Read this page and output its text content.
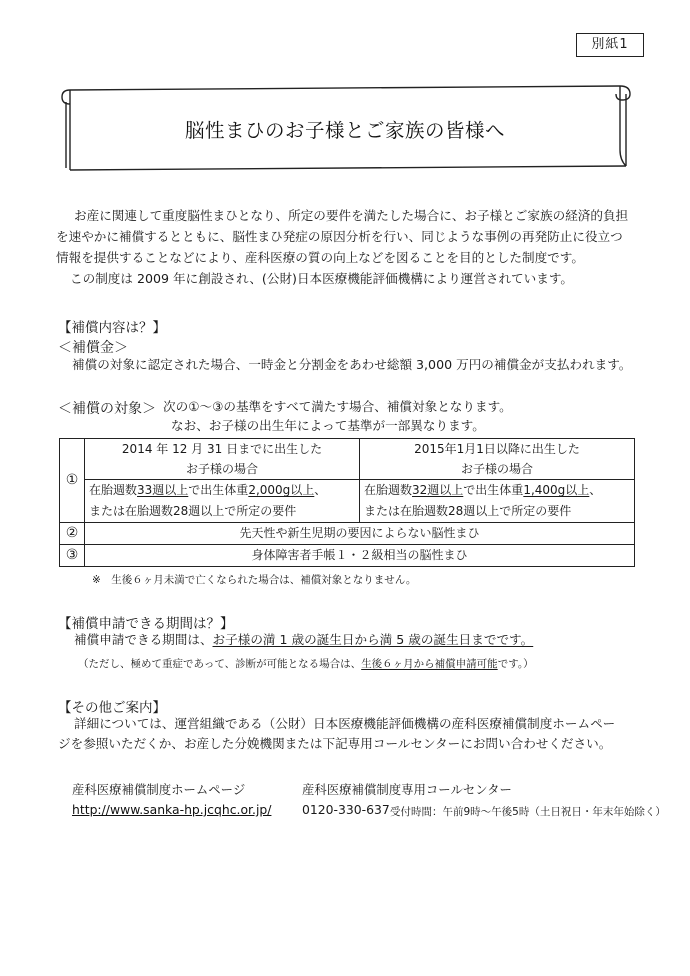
別紙1
脳性まひのお子様とご家族の皆様へ
お産に関連して重度脳性まひとなり、所定の要件を満たした場合に、お子様とご家族の経済的負担
を速やかに補償するとともに、脳性まひ発症の原因分析を行い、同じような事例の再発防止に役立つ
情報を提供することなどにより、産科医療の質の向上などを図ることを目的とした制度です。
この制度は 2009 年に創設され、(公財)日本医療機能評価機構により運営されています。
【補償内容は？】
＜補償金＞
補償の対象に認定された場合、一時金と分割金をあわせ総額 3,000 万円の補償金が支払われます。
＜補償の対象＞ 次の①～③の基準をすべて満たす場合、補償対象となります。
なお、お子様の出生年によって基準が一部異なります。
①	2014 年 12 月 31 日までに出生した	2015年1月1日以降に出生した
	お子様の場合	お子様の場合
	在胎週数33週以上で出生体重2,000g以上、	在胎週数32週以上で出生体重1,400g以上、
	または在胎週数28週以上で所定の要件	または在胎週数28週以上で所定の要件
②	先天性や新生児期の要因によらない脳性まひ	
③	身体障害者手帳１・２級相当の脳性まひ	
※　生後６ヶ月未満で亡くなられた場合は、補償対象となりません。
【補償申請できる期間は？】
補償申請できる期間は、お子様の満 1 歳の誕生日から満 5 歳の誕生日までです。
（ただし、極めて重症であって、診断が可能となる場合は、生後６ヶ月から補償申請可能です。）
【その他ご案内】
詳細については、運営組織である（公財）日本医療機能評価機構の産科医療補償制度ホームペー
ジを参照いただくか、お産した分娩機関または下記専用コールセンターにお問い合わせください。
産科医療補償制度ホームページ
http://www.sanka-hp.jcqhc.or.jp/
産科医療補償制度専用コールセンター
0120-330-637 受付時間：午前9時～午後5時（土日祝日・年末年始除く）
